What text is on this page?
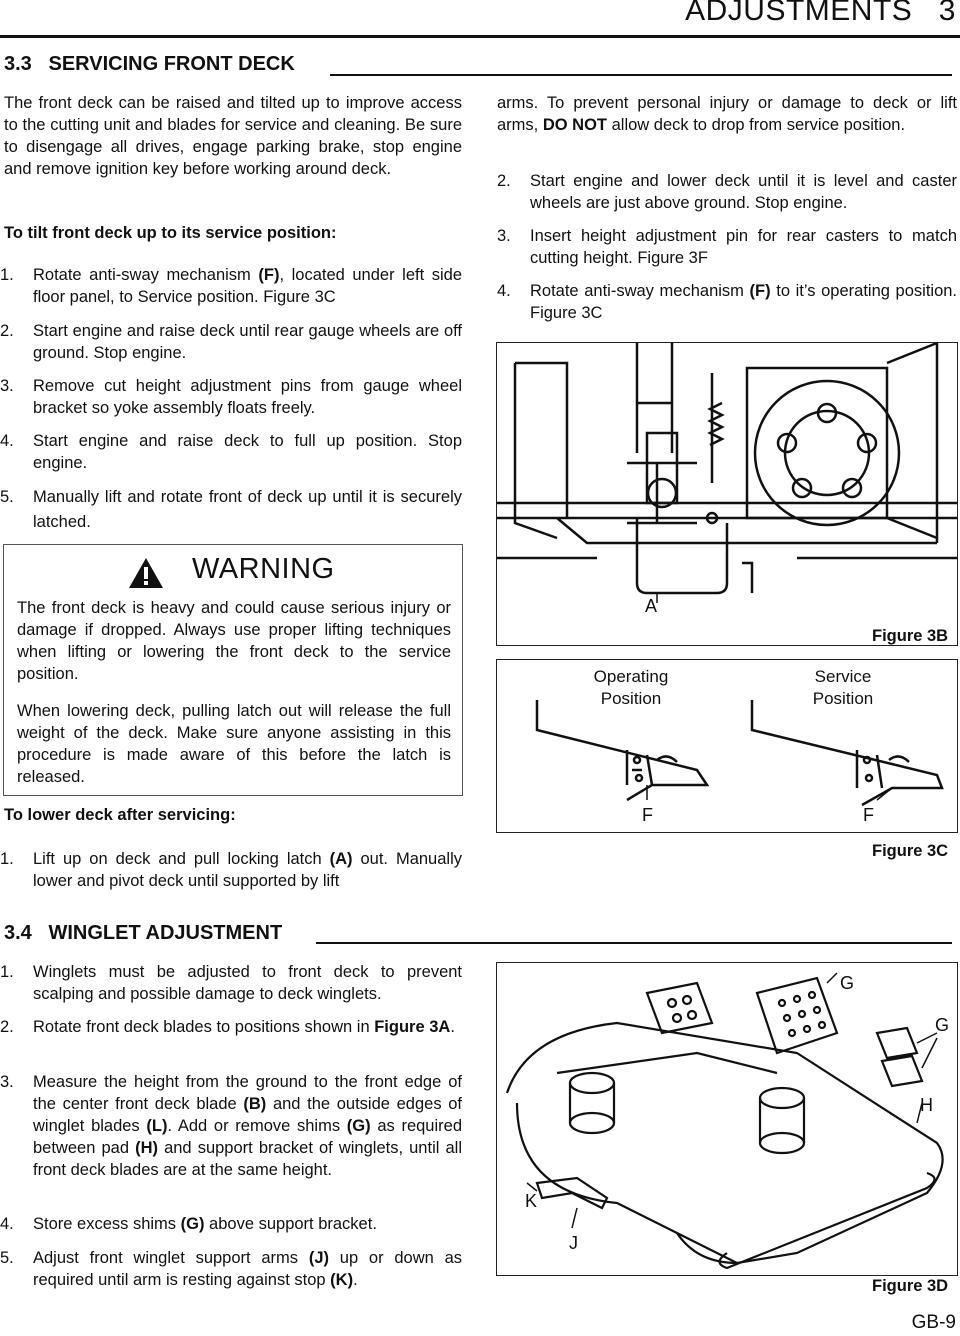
ADJUSTMENTS   3
3.3   SERVICING FRONT DECK
The front deck can be raised and tilted up to improve access to the cutting unit and blades for service and cleaning. Be sure to disengage all drives, engage parking brake, stop engine and remove ignition key before working around deck.
To tilt front deck up to its service position:
1. Rotate anti-sway mechanism (F), located under left side floor panel, to Service position. Figure 3C
2. Start engine and raise deck until rear gauge wheels are off ground. Stop engine.
3. Remove cut height adjustment pins from gauge wheel bracket so yoke assembly floats freely.
4. Start engine and raise deck to full up position. Stop engine.
5. Manually lift and rotate front of deck up until it is securely latched.
WARNING
The front deck is heavy and could cause serious injury or damage if dropped. Always use proper lifting techniques when lifting or lowering the front deck to the service position.
When lowering deck, pulling latch out will release the full weight of the deck. Make sure anyone assisting in this procedure is made aware of this before the latch is released.
To lower deck after servicing:
1. Lift up on deck and pull locking latch (A) out. Manually lower and pivot deck until supported by lift
arms. To prevent personal injury or damage to deck or lift arms, DO NOT allow deck to drop from service position.
2. Start engine and lower deck until it is level and caster wheels are just above ground. Stop engine.
3. Insert height adjustment pin for rear casters to match cutting height. Figure 3F
4. Rotate anti-sway mechanism (F) to it’s operating position. Figure 3C
A
Figure 3B
Operating
Position
Service
Position
F	F
Figure 3C
3.4   WINGLET ADJUSTMENT
1. Winglets must be adjusted to front deck to prevent scalping and possible damage to deck winglets.
2. Rotate front deck blades to positions shown in Figure 3A.
3. Measure the height from the ground to the front edge of the center front deck blade (B) and the outside edges of winglet blades (L). Add or remove shims (G) as required between pad (H) and support bracket of winglets, until all front deck blades are at the same height.
4. Store excess shims (G) above support bracket.
5. Adjust front winglet support arms (J) up or down as required until arm is resting against stop (K).
G
G
H
K
J
Figure 3D
GB-9
